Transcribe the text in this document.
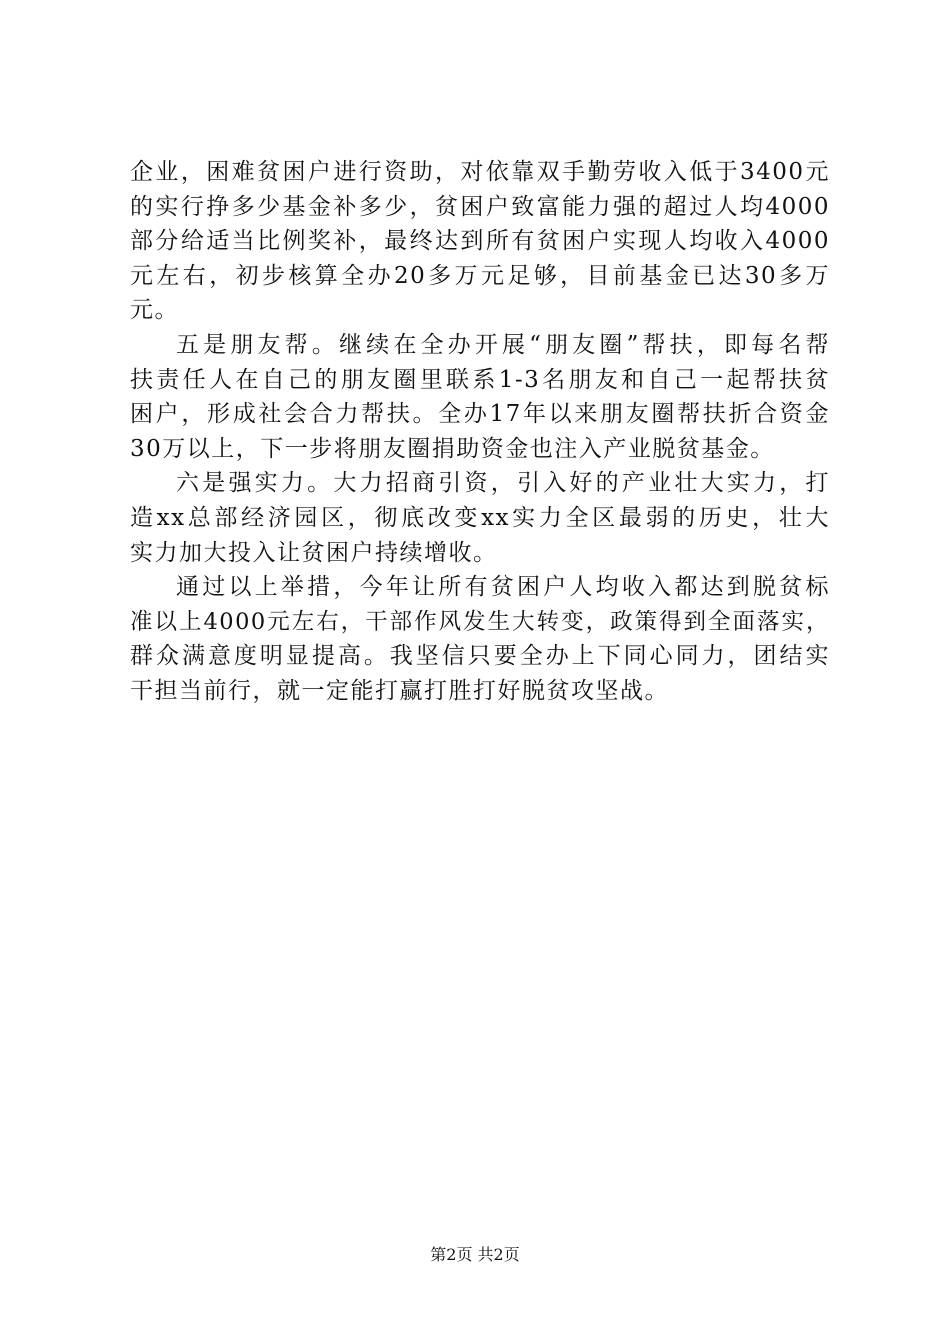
企业，困难贫困户进行资助，对依靠双手勤劳收入低于3400元
的实行挣多少基金补多少，贫困户致富能力强的超过人均4000
部分给适当比例奖补，最终达到所有贫困户实现人均收入4000
元左右，初步核算全办20多万元足够，目前基金已达30多万
元。
五是朋友帮。继续在全办开展“朋友圈”帮扶，即每名帮
扶责任人在自己的朋友圈里联系1-3名朋友和自己一起帮扶贫
困户，形成社会合力帮扶。全办17年以来朋友圈帮扶折合资金
30万以上，下一步将朋友圈捐助资金也注入产业脱贫基金。
六是强实力。大力招商引资，引入好的产业壮大实力，打
造xx总部经济园区，彻底改变xx实力全区最弱的历史，壮大
实力加大投入让贫困户持续增收。
通过以上举措，今年让所有贫困户人均收入都达到脱贫标
准以上4000元左右，干部作风发生大转变，政策得到全面落实，
群众满意度明显提高。我坚信只要全办上下同心同力，团结实
干担当前行，就一定能打赢打胜打好脱贫攻坚战。
第2页 共2页
